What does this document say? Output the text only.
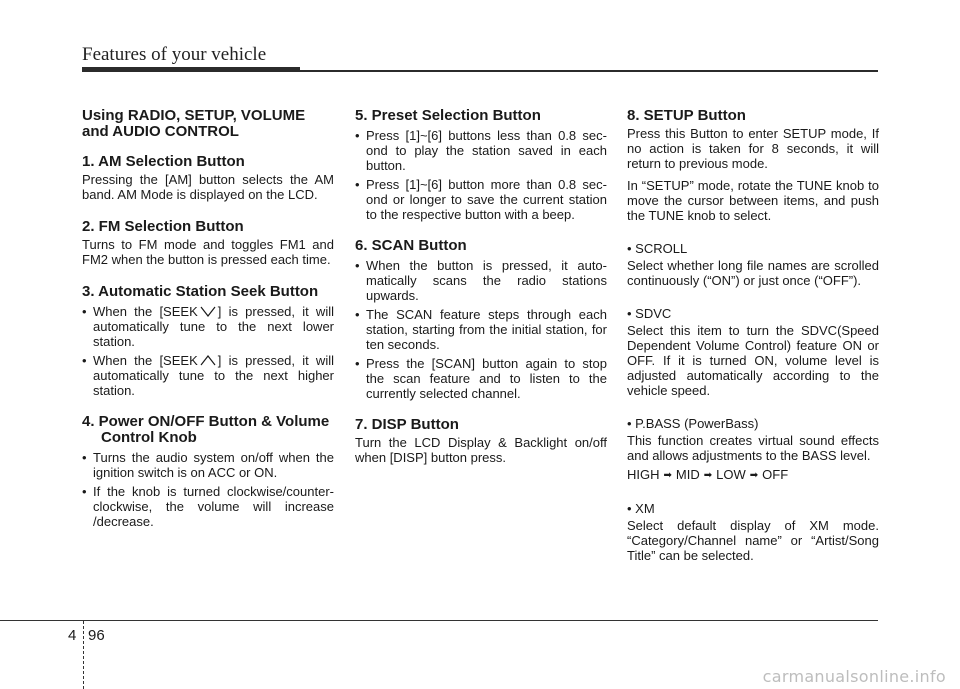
Features of your vehicle
Using RADIO, SETUP, VOLUME and AUDIO CONTROL
1. AM Selection Button

Pressing the [AM] button selects the AM band. AM Mode is displayed on the LCD.

2. FM Selection Button

Turns to FM mode and toggles FM1 and FM2 when the button is pressed each time.

3. Automatic Station Seek Button
• When the [SEEK ] is pressed, it will automatically tune to the next lower station.
• When the [SEEK ] is pressed, it will automatically tune to the next higher station.
4. Power ON/OFF Button & Volume Control Knob
• Turns the audio system on/off when the ignition switch is on ACC or ON.
• If the knob is turned clockwise/counter-clockwise, the volume will increase /decrease.
5. Preset Selection Button
• Press [1]~[6] buttons less than 0.8 sec-ond to play the station saved in each button.
• Press [1]~[6] button more than 0.8 sec-ond or longer to save the current station to the respective button with a beep.
6. SCAN Button
• When the button is pressed, it auto-matically scans the radio stations upwards.
• The SCAN feature steps through each station, starting from the initial station, for ten seconds.
• Press the [SCAN] button again to stop the scan feature and to listen to the currently selected channel.
7. DISP Button

Turn the LCD Display & Backlight on/off when [DISP] button press.

8. SETUP Button

Press this Button to enter SETUP mode, If no action is taken for 8 seconds, it will return to previous mode.

In “SETUP” mode, rotate the TUNE knob to move the cursor between items, and push the TUNE knob to select.

• SCROLL

Select whether long file names are scrolled continuously (“ON”) or just once (“OFF”).

• SDVC

Select this item to turn the SDVC(Speed Dependent Volume Control) feature ON or OFF. If it is turned ON, volume level is adjusted automatically according to the vehicle speed.

• P.BASS (PowerBass)

This function creates virtual sound effects and allows adjustments to the BASS level.

HIGH ➡ MID ➡ LOW ➡ OFF

• XM

Select default display of XM mode. “Category/Channel name” or “Artist/Song Title” can be selected.

4 96
carmanualsonline.info
